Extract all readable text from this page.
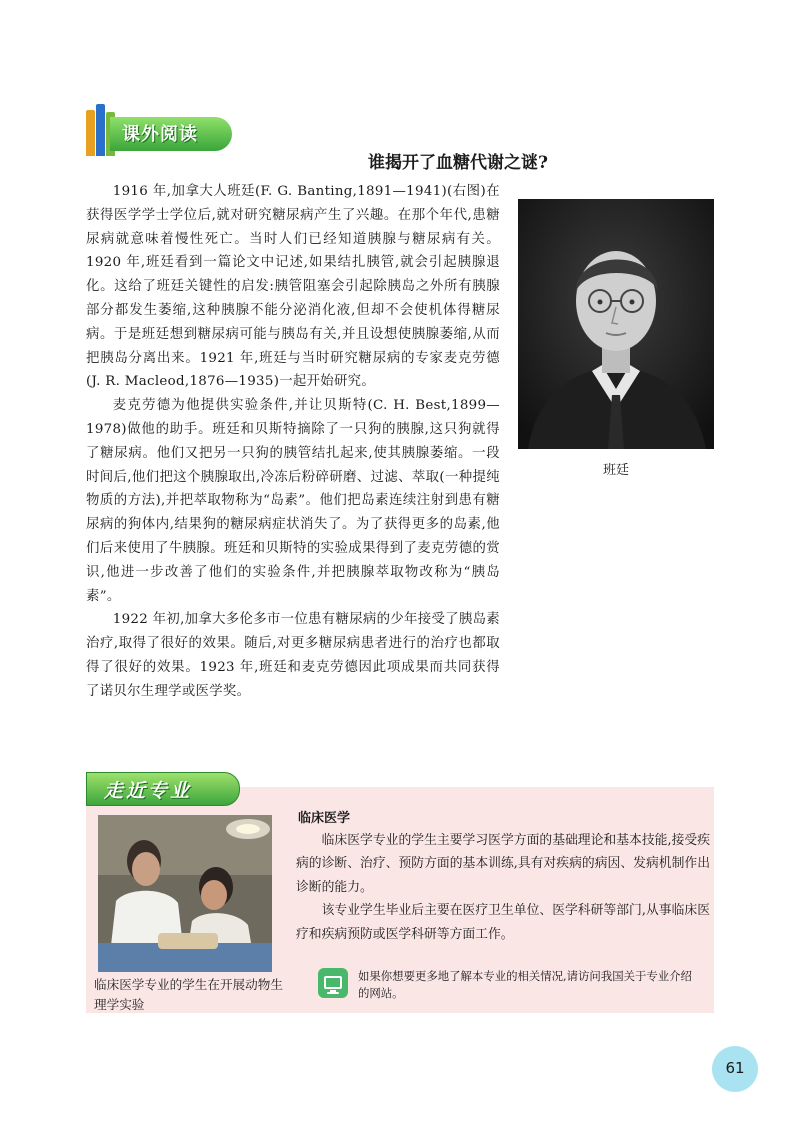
课外阅读
谁揭开了血糖代谢之谜?

1916 年,加拿大人班廷(F. G. Banting,1891—1941)(右图)在获得医学学士学位后,就对研究糖尿病产生了兴趣。在那个年代,患糖尿病就意味着慢性死亡。当时人们已经知道胰腺与糖尿病有关。1920 年,班廷看到一篇论文中记述,如果结扎胰管,就会引起胰腺退化。这给了班廷关键性的启发:胰管阻塞会引起除胰岛之外所有胰腺部分都发生萎缩,这种胰腺不能分泌消化液,但却不会使机体得糖尿病。于是班廷想到糖尿病可能与胰岛有关,并且设想使胰腺萎缩,从而把胰岛分离出来。1921 年,班廷与当时研究糖尿病的专家麦克劳德(J. R. Macleod,1876—1935)一起开始研究。

麦克劳德为他提供实验条件,并让贝斯特(C. H. Best,1899—1978)做他的助手。班廷和贝斯特摘除了一只狗的胰腺,这只狗就得了糖尿病。他们又把另一只狗的胰管结扎起来,使其胰腺萎缩。一段时间后,他们把这个胰腺取出,冷冻后粉碎研磨、过滤、萃取(一种提纯物质的方法),并把萃取物称为“岛素”。他们把岛素连续注射到患有糖尿病的狗体内,结果狗的糖尿病症状消失了。为了获得更多的岛素,他们后来使用了牛胰腺。班廷和贝斯特的实验成果得到了麦克劳德的赏识,他进一步改善了他们的实验条件,并把胰腺萃取物改称为“胰岛素”。

1922 年初,加拿大多伦多市一位患有糖尿病的少年接受了胰岛素治疗,取得了很好的效果。随后,对更多糖尿病患者进行的治疗也都取得了很好的效果。1923 年,班廷和麦克劳德因此项成果而共同获得了诺贝尔生理学或医学奖。

班廷
走近专业
临床医学专业的学生在开展动物生理学实验
临床医学

临床医学专业的学生主要学习医学方面的基础理论和基本技能,接受疾病的诊断、治疗、预防方面的基本训练,具有对疾病的病因、发病机制作出诊断的能力。

该专业学生毕业后主要在医疗卫生单位、医学科研等部门,从事临床医疗和疾病预防或医学科研等方面工作。

如果你想要更多地了解本专业的相关情况,请访问我国关于专业介绍的网站。
61
